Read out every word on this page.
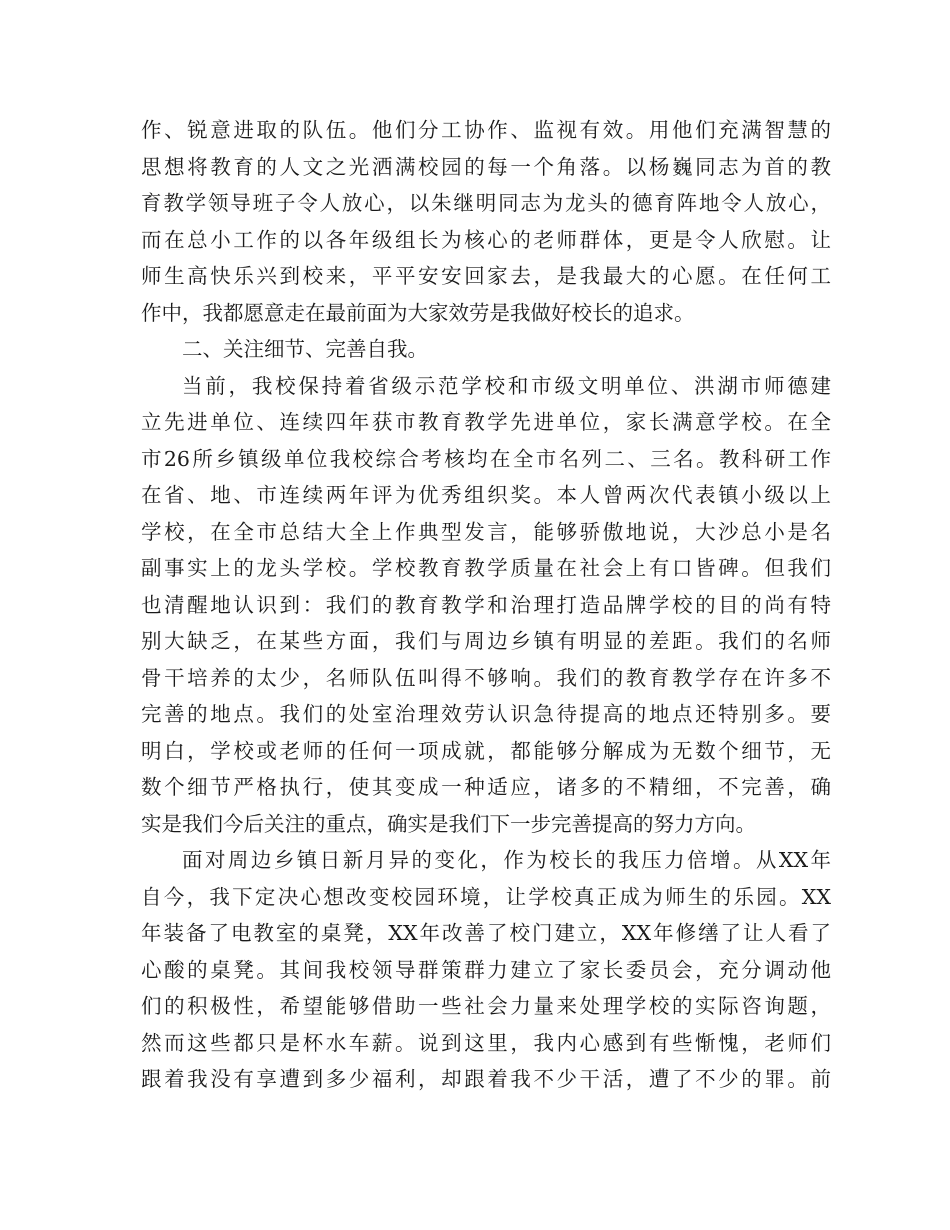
作、锐意进取的队伍。他们分工协作、监视有效。用他们充满智慧的
思想将教育的人文之光洒满校园的每一个角落。以杨巍同志为首的教
育教学领导班子令人放心，以朱继明同志为龙头的德育阵地令人放心，
而在总小工作的以各年级组长为核心的老师群体，更是令人欣慰。让
师生高快乐兴到校来，平平安安回家去，是我最大的心愿。在任何工
作中，我都愿意走在最前面为大家效劳是我做好校长的追求。
二、关注细节、完善自我。
当前，我校保持着省级示范学校和市级文明单位、洪湖市师德建
立先进单位、连续四年获市教育教学先进单位，家长满意学校。在全
市26所乡镇级单位我校综合考核均在全市名列二、三名。教科研工作
在省、地、市连续两年评为优秀组织奖。本人曾两次代表镇小级以上
学校，在全市总结大全上作典型发言，能够骄傲地说，大沙总小是名
副事实上的龙头学校。学校教育教学质量在社会上有口皆碑。但我们
也清醒地认识到：我们的教育教学和治理打造品牌学校的目的尚有特
别大缺乏，在某些方面，我们与周边乡镇有明显的差距。我们的名师
骨干培养的太少，名师队伍叫得不够响。我们的教育教学存在许多不
完善的地点。我们的处室治理效劳认识急待提高的地点还特别多。要
明白，学校或老师的任何一项成就，都能够分解成为无数个细节，无
数个细节严格执行，使其变成一种适应，诸多的不精细，不完善，确
实是我们今后关注的重点，确实是我们下一步完善提高的努力方向。
面对周边乡镇日新月异的变化，作为校长的我压力倍增。从XX年
自今，我下定决心想改变校园环境，让学校真正成为师生的乐园。XX
年装备了电教室的桌凳，XX年改善了校门建立，XX年修缮了让人看了
心酸的桌凳。其间我校领导群策群力建立了家长委员会，充分调动他
们的积极性，希望能够借助一些社会力量来处理学校的实际咨询题，
然而这些都只是杯水车薪。说到这里，我内心感到有些惭愧，老师们
跟着我没有享遭到多少福利，却跟着我不少干活，遭了不少的罪。前
